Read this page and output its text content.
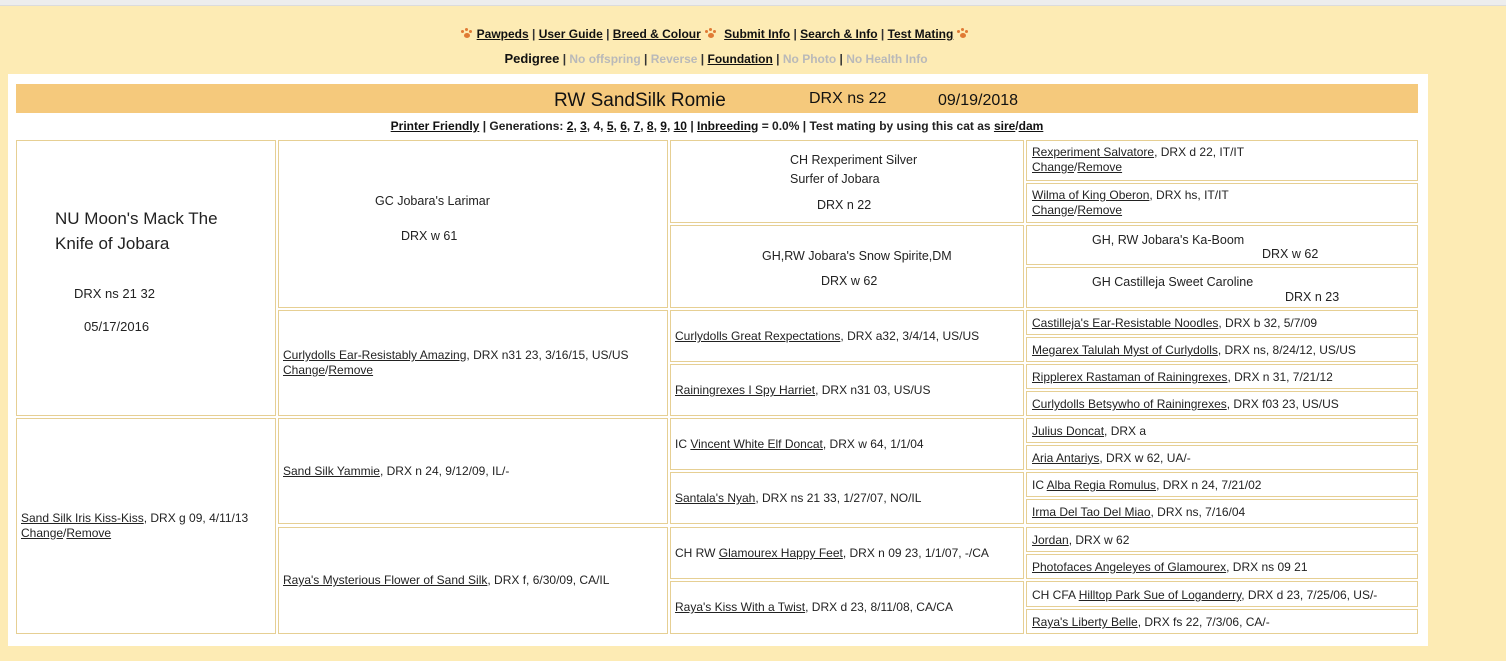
Pawpeds | User Guide | Breed & Colour Submit Info | Search & Info | Test Mating
Pedigree | No offspring | Reverse | Foundation | No Photo | No Health Info
RW SandSilk Romie	DRX ns 22	09/19/2018
Printer Friendly | Generations: 2, 3, 4, 5, 6, 7, 8, 9, 10 | Inbreeding = 0.0% | Test mating by using this cat as sire/dam
NU Moon's Mack The
Knife of Jobara
DRX ns 21 32
05/17/2016
Sand Silk Iris Kiss-Kiss, DRX g 09, 4/11/13
Change/Remove
GC Jobara's Larimar
DRX w 61
Curlydolls Ear-Resistably Amazing, DRX n31 23, 3/16/15, US/US
Change/Remove
Sand Silk Yammie, DRX n 24, 9/12/09, IL/-
Raya's Mysterious Flower of Sand Silk, DRX f, 6/30/09, CA/IL
CH Rexperiment Silver
Surfer of Jobara
DRX n 22
GH,RW Jobara's Snow Spirite,DM
DRX w 62
Curlydolls Great Rexpectations, DRX a32, 3/4/14, US/US
Rainingrexes I Spy Harriet, DRX n31 03, US/US
IC Vincent White Elf Doncat, DRX w 64, 1/1/04
Santala's Nyah, DRX ns 21 33, 1/27/07, NO/IL
CH RW Glamourex Happy Feet, DRX n 09 23, 1/1/07, -/CA
Raya's Kiss With a Twist, DRX d 23, 8/11/08, CA/CA
Rexperiment Salvatore, DRX d 22, IT/IT
Change/Remove
Wilma of King Oberon, DRX hs, IT/IT
Change/Remove
GH, RW Jobara's Ka-Boom
DRX w 62
GH Castilleja Sweet Caroline
DRX n 23
Castilleja's Ear-Resistable Noodles, DRX b 32, 5/7/09
Megarex Talulah Myst of Curlydolls, DRX ns, 8/24/12, US/US
Ripplerex Rastaman of Rainingrexes, DRX n 31, 7/21/12
Curlydolls Betsywho of Rainingrexes, DRX f03 23, US/US
Julius Doncat, DRX a
Aria Antariys, DRX w 62, UA/-
IC Alba Regia Romulus, DRX n 24, 7/21/02
Irma Del Tao Del Miao, DRX ns, 7/16/04
Jordan, DRX w 62
Photofaces Angeleyes of Glamourex, DRX ns 09 21
CH CFA Hilltop Park Sue of Loganderry, DRX d 23, 7/25/06, US/-
Raya's Liberty Belle, DRX fs 22, 7/3/06, CA/-
